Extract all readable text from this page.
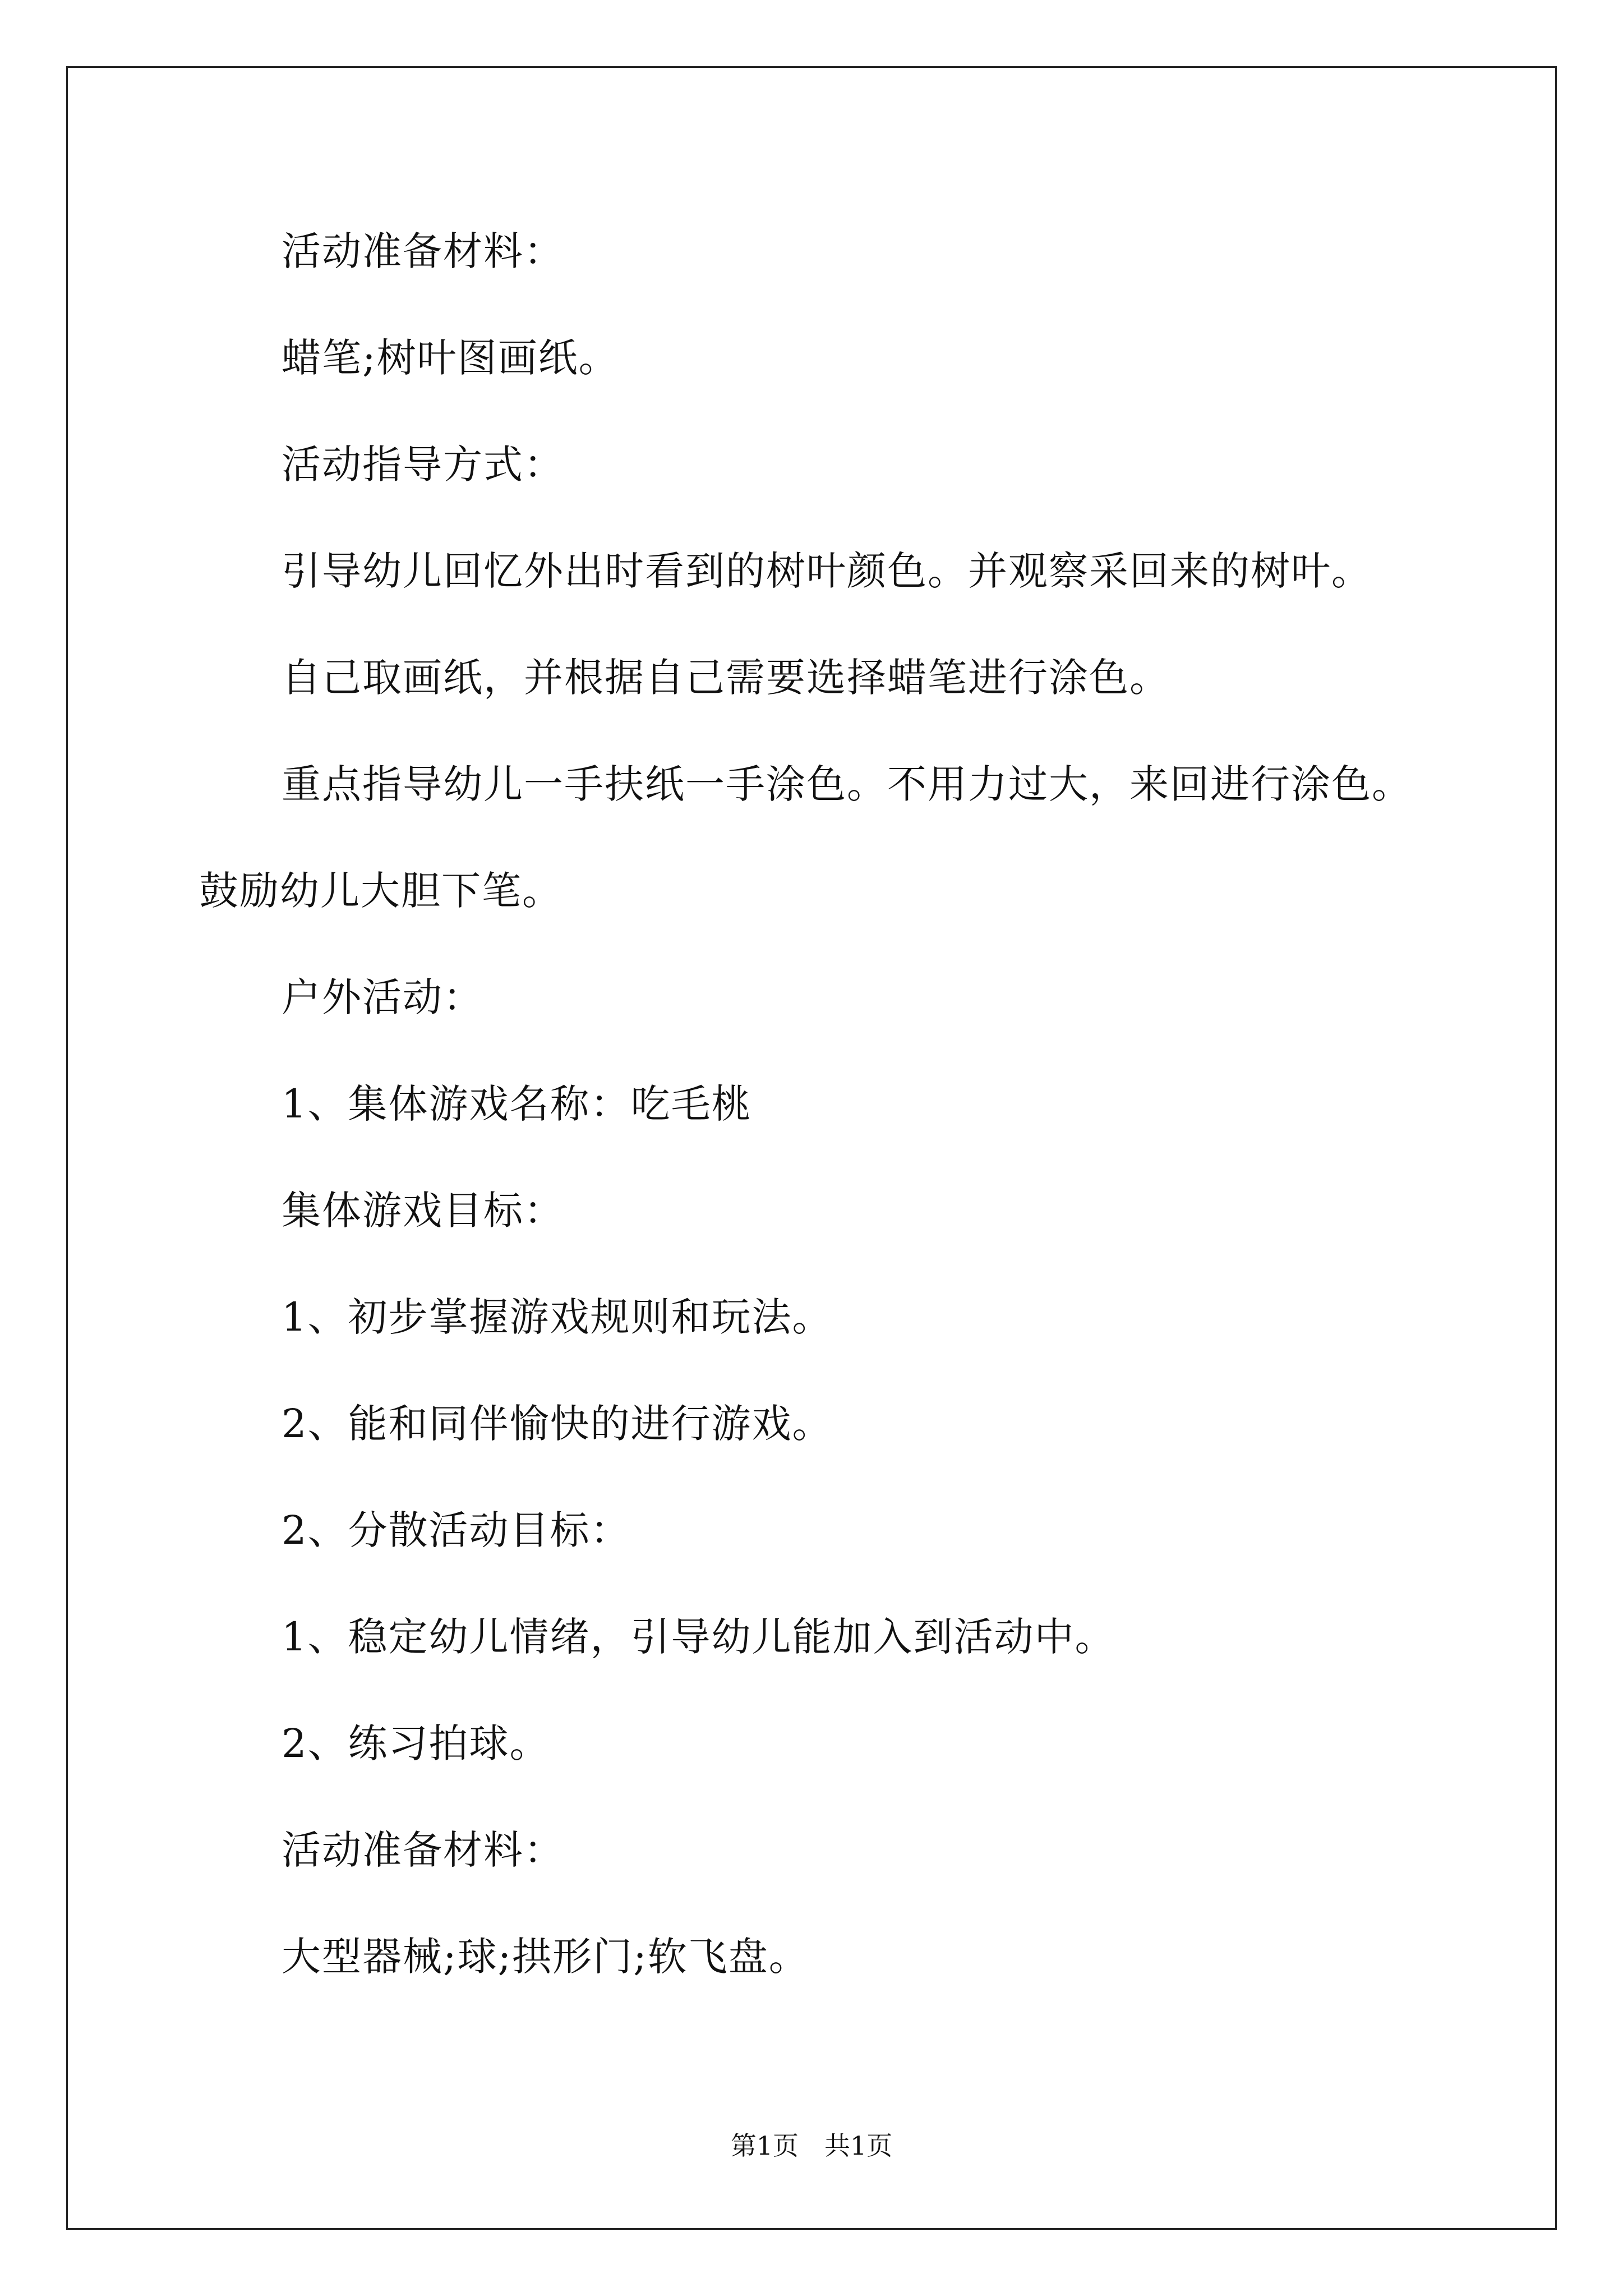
活动准备材料：
蜡笔;树叶图画纸。
活动指导方式：
引导幼儿回忆外出时看到的树叶颜色。并观察采回来的树叶。
自己取画纸，并根据自己需要选择蜡笔进行涂色。
重点指导幼儿一手扶纸一手涂色。不用力过大，来回进行涂色。
鼓励幼儿大胆下笔。
户外活动：
1、集体游戏名称：吃毛桃
集体游戏目标：
1、初步掌握游戏规则和玩法。
2、能和同伴愉快的进行游戏。
2、分散活动目标：
1、稳定幼儿情绪，引导幼儿能加入到活动中。
2、练习拍球。
活动准备材料：
大型器械;球;拱形门;软飞盘。
第1页　共1页
